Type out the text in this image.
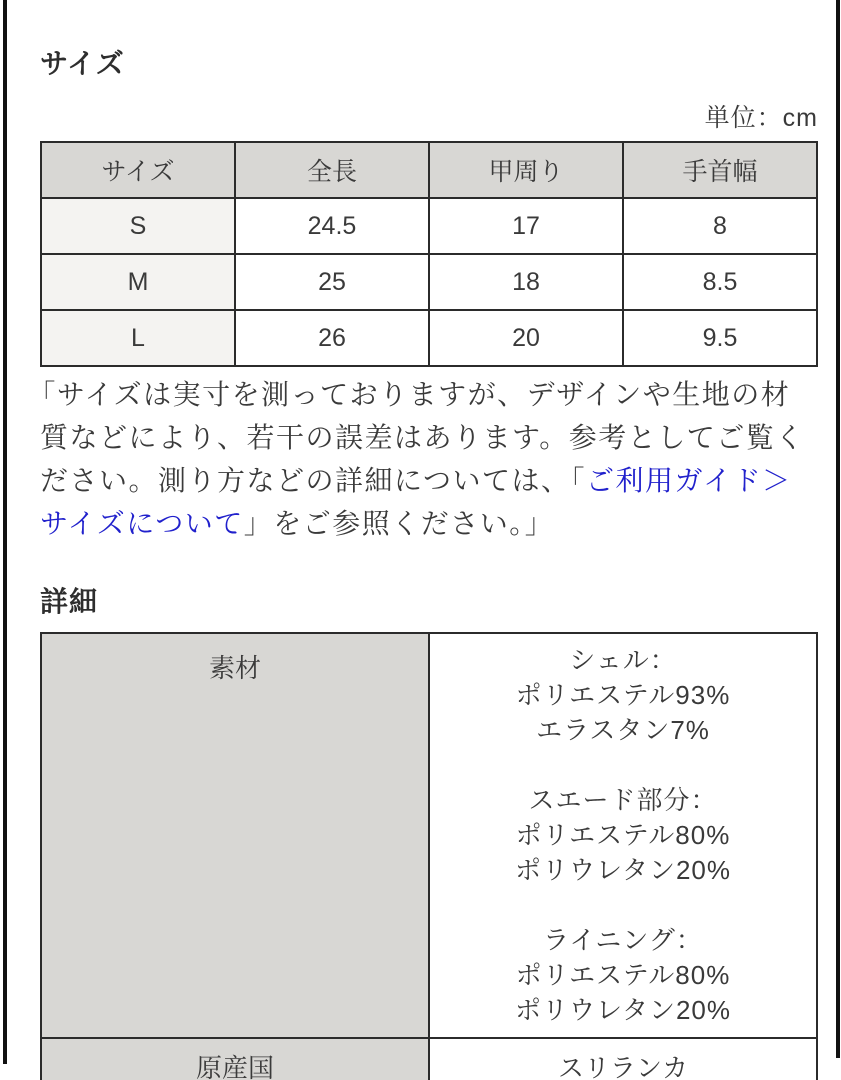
サイズ
単位：cm
サイズ	全長	甲周り	手首幅
S	24.5	17	8
M	25	18	8.5
L	26	20	9.5

「サイズは実寸を測っておりますが、デザインや生地の材質などにより、若干の誤差はあります。参考としてご覧ください。測り方などの詳細については、「ご利用ガイド＞サイズについて」をご参照ください。」

詳細
素材	シェル：
ポリエステル93%
エラスタン7%
スエード部分：
ポリエステル80%
ポリウレタン20%
ライニング：
ポリエステル80%
ポリウレタン20%

原産国	スリランカ
